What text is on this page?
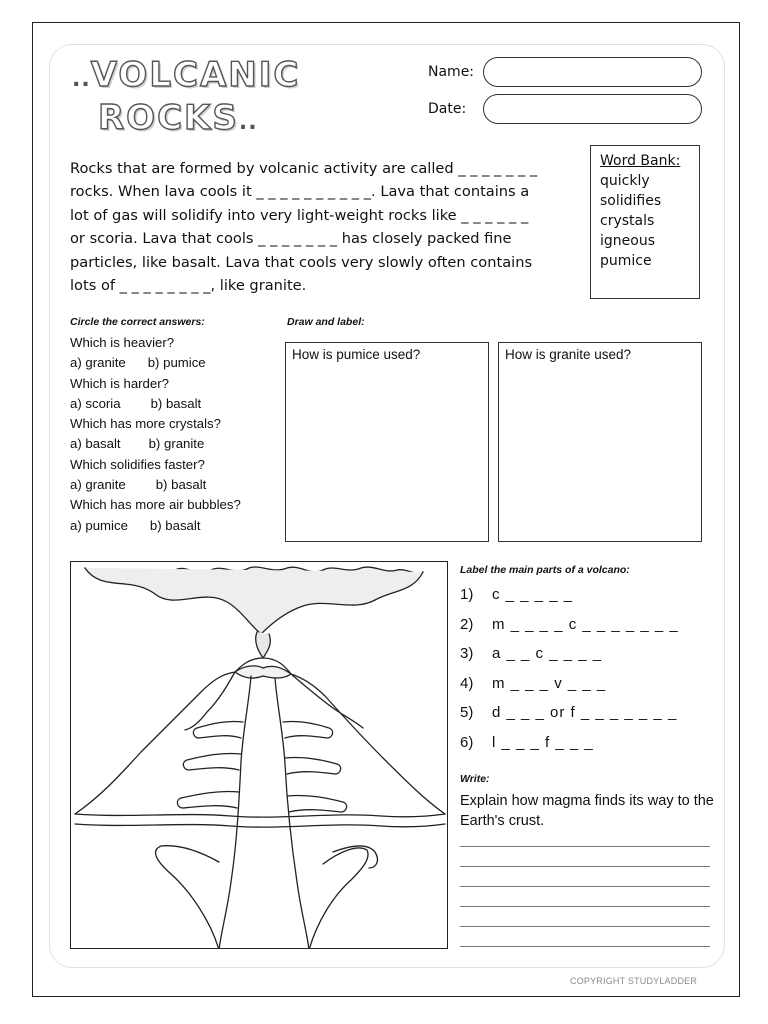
..VOLCANIC
ROCKS..
Name:
Date:
Rocks that are formed by volcanic activity are called _ _ _ _ _ _ _
rocks. When lava cools it _ _ _ _ _ _ _ _ _ _. Lava that contains a
lot of gas will solidify into very light-weight rocks like _ _ _ _ _ _
or scoria. Lava that cools _ _ _ _ _ _ _ has closely packed fine
particles, like basalt. Lava that cools very slowly often contains
lots of _ _ _ _ _ _ _ _, like granite.
Word Bank:
quickly
solidifies
crystals
igneous
pumice
Circle the correct answers:	Draw and label:
Which is heavier?
a) granite b) pumice
Which is harder?
a) scoria b) basalt
Which has more crystals?
a) basalt b) granite
Which solidifies faster?
a) granite b) basalt
Which has more air bubbles?
a) pumice b) basalt
How is pumice used?	How is granite used?
Label the main parts of a volcano:
1) c _ _ _ _ _
2) m _ _ _ _ c _ _ _ _ _ _ _
3) a _ _ c _ _ _ _
4) m _ _ _ v _ _ _
5) d _ _ _ or f _ _ _ _ _ _ _
6) l _ _ _ f _ _ _
Write:
Explain how magma finds its way to the Earth's crust.
COPYRIGHT STUDYLADDER
